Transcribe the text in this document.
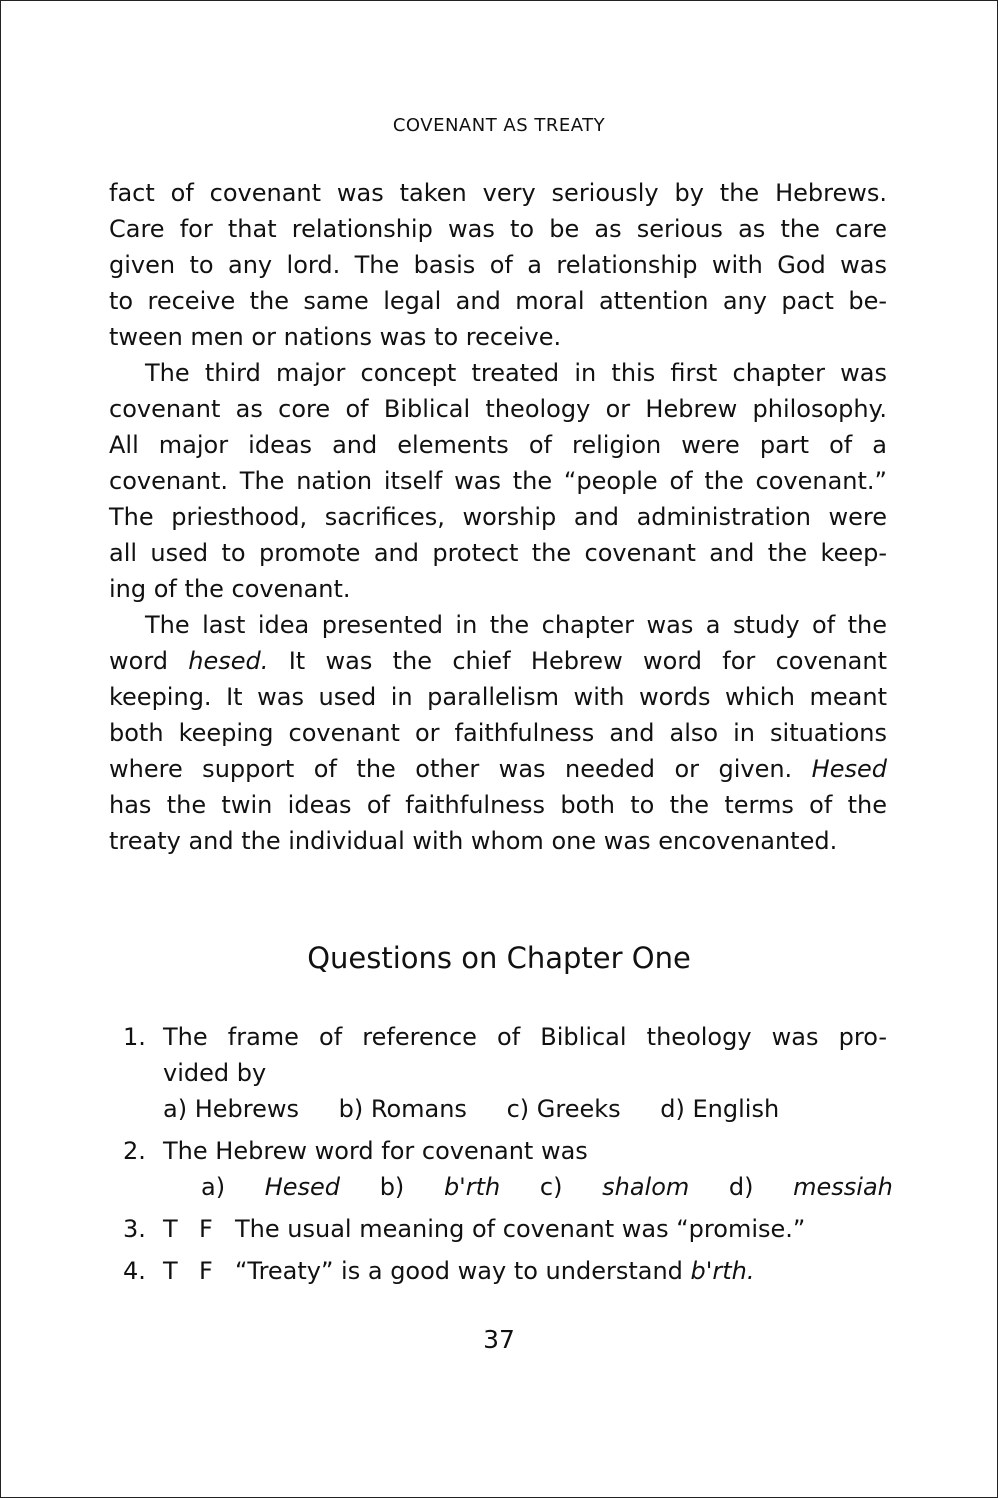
COVENANT AS TREATY
fact of covenant was taken very seriously by the Hebrews.
Care for that relationship was to be as serious as the care
given to any lord. The basis of a relationship with God was
to receive the same legal and moral attention any pact be-
tween men or nations was to receive.
The third major concept treated in this first chapter was
covenant as core of Biblical theology or Hebrew philosophy.
All major ideas and elements of religion were part of a
covenant. The nation itself was the “people of the covenant.”
The priesthood, sacrifices, worship and administration were
all used to promote and protect the covenant and the keep-
ing of the covenant.
The last idea presented in the chapter was a study of the
word hesed. It was the chief Hebrew word for covenant
keeping. It was used in parallelism with words which meant
both keeping covenant or faithfulness and also in situations
where support of the other was needed or given. Hesed
has the twin ideas of faithfulness both to the terms of the
treaty and the individual with whom one was encovenanted.
Questions on Chapter One
1. The frame of reference of Biblical theology was pro-
vided by
a) Hebrews b) Romans c) Greeks d) English
2. The Hebrew word for covenant was
a) Hesed b) b'rth c) shalom d) messiah
3. T F The usual meaning of covenant was “promise.”
4. T F “Treaty” is a good way to understand b'rth.
37
